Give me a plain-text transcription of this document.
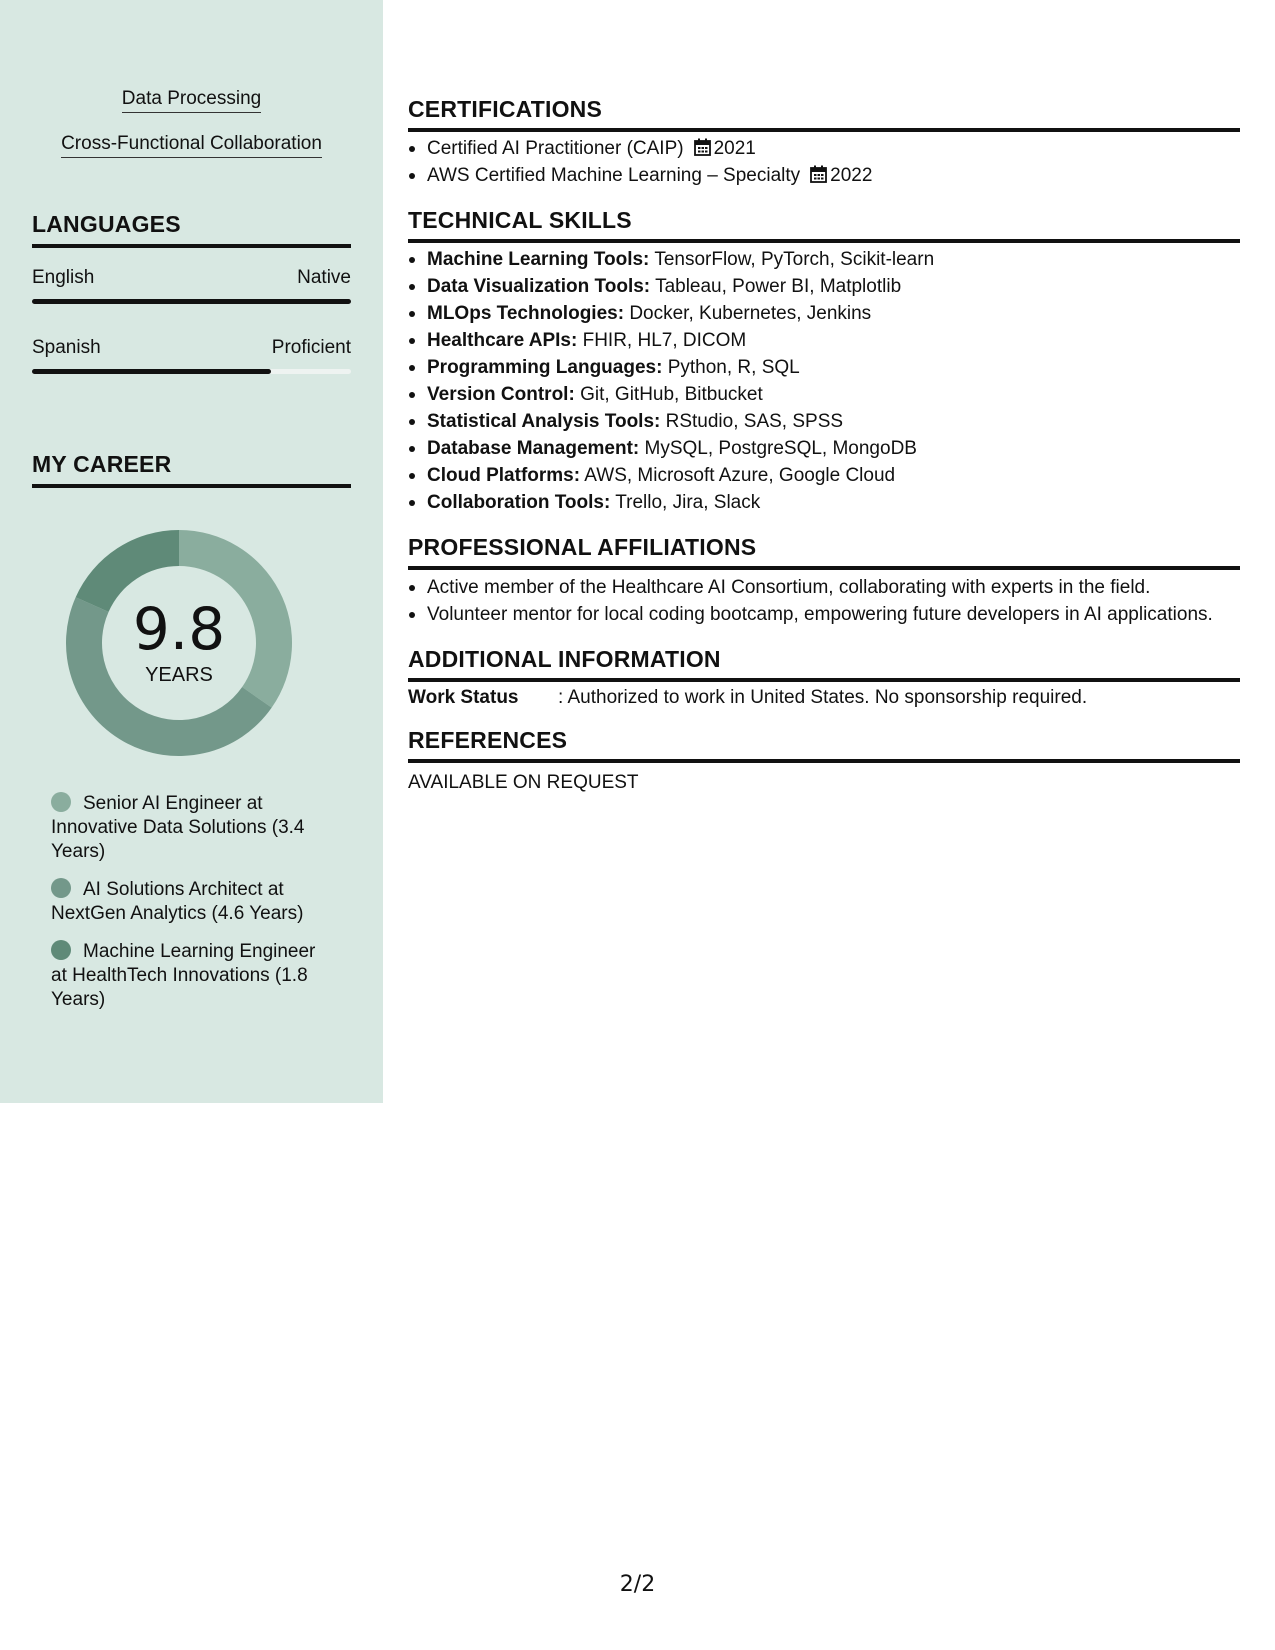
Data Processing
Cross-Functional Collaboration
LANGUAGES
English	Native
Spanish	Proficient
MY CAREER
9.8
YEARS
Senior AI Engineer at Innovative Data Solutions (3.4 Years)
AI Solutions Architect at NextGen Analytics (4.6 Years)
Machine Learning Engineer at HealthTech Innovations (1.8 Years)
CERTIFICATIONS
Certified AI Practitioner (CAIP) 2021
AWS Certified Machine Learning – Specialty 2022
TECHNICAL SKILLS
Machine Learning Tools: TensorFlow, PyTorch, Scikit-learn
Data Visualization Tools: Tableau, Power BI, Matplotlib
MLOps Technologies: Docker, Kubernetes, Jenkins
Healthcare APIs: FHIR, HL7, DICOM
Programming Languages: Python, R, SQL
Version Control: Git, GitHub, Bitbucket
Statistical Analysis Tools: RStudio, SAS, SPSS
Database Management: MySQL, PostgreSQL, MongoDB
Cloud Platforms: AWS, Microsoft Azure, Google Cloud
Collaboration Tools: Trello, Jira, Slack
PROFESSIONAL AFFILIATIONS
Active member of the Healthcare AI Consortium, collaborating with experts in the field.
Volunteer mentor for local coding bootcamp, empowering future developers in AI applications.
ADDITIONAL INFORMATION
Work Status	: Authorized to work in United States. No sponsorship required.
REFERENCES
AVAILABLE ON REQUEST
2/2
